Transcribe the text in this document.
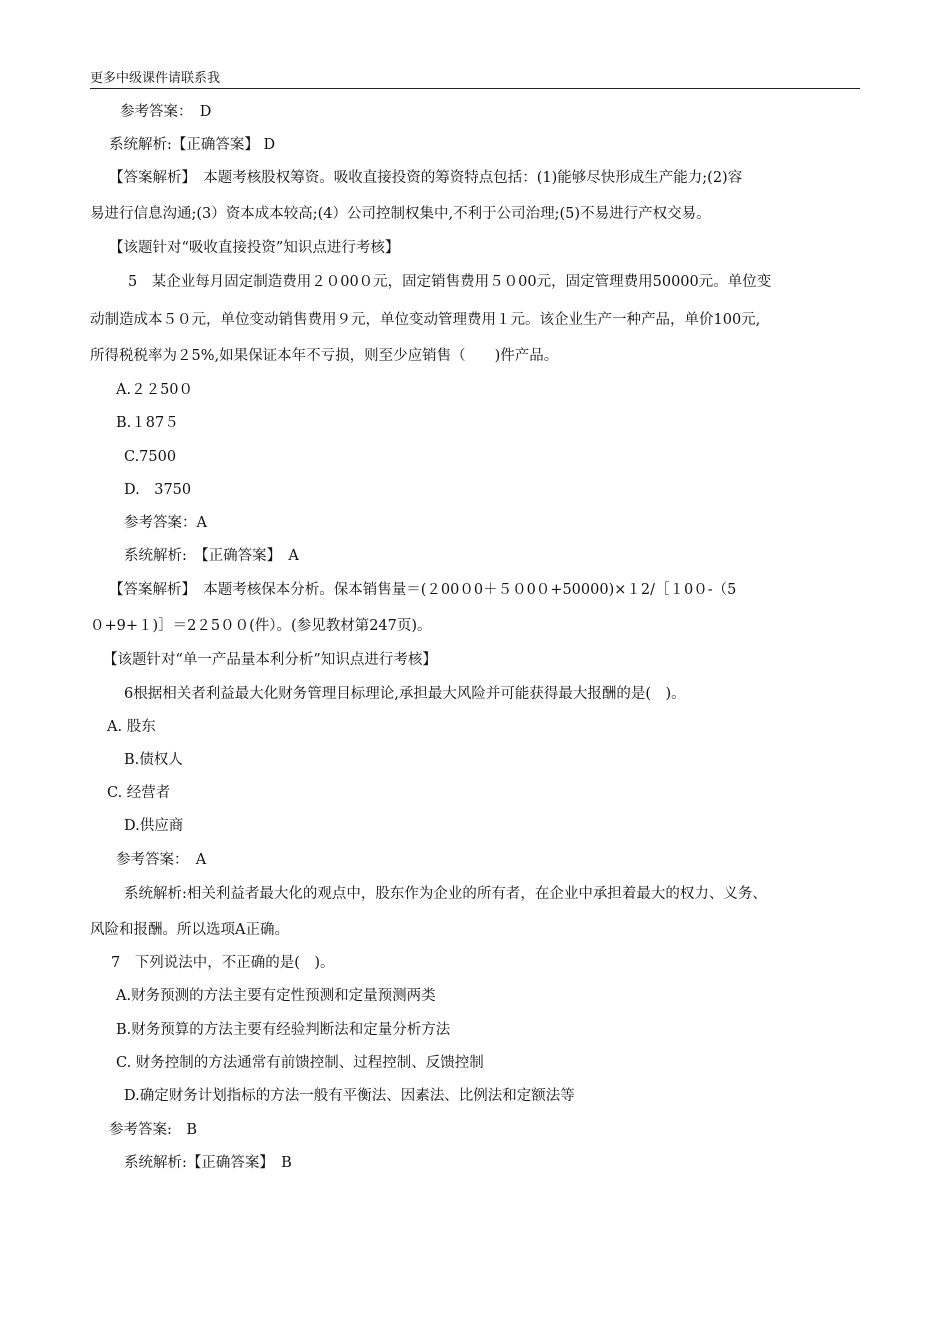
更多中级课件请联系我
参考答案：　D
系统解析:【正确答案】 D
【答案解析】　本题考核股权筹资。吸收直接投资的筹资特点包括：(1)能够尽快形成生产能力;(2)容
易进行信息沟通;(3）资本成本较高;(4）公司控制权集中,不利于公司治理;(5)不易进行产权交易。
【该题针对“吸收直接投资”知识点进行考核】
5　某企业每月固定制造费用２０00０元，固定销售费用５０00元，固定管理费用50000元。单位变
动制造成本５０元，单位变动销售费用９元，单位变动管理费用１元。该企业生产一种产品，单价100元,
所得税税率为２5%,如果保证本年不亏损，则至少应销售（　　)件产品。
A.２２50０
B.１87５
C.7500
D.　3750
参考答案：A
系统解析:　【正确答案】　A
【答案解析】　本题考核保本分析。保本销售量＝(２00０0＋５０0０+50000)×１2/［１0０-（5
０+9+１)］＝2２5００(件）。(参见教材第247页)。
【该题针对“单一产品量本利分析”知识点进行考核】
6根据相关者利益最大化财务管理目标理论,承担最大风险并可能获得最大报酬的是(　)。
A. 股东
B.债权人
C. 经营者
D.供应商
参考答案：　A
系统解析:相关利益者最大化的观点中，股东作为企业的所有者，在企业中承担着最大的权力、义务、
风险和报酬。所以选项A正确。
7　下列说法中，不正确的是(　)。
A.财务预测的方法主要有定性预测和定量预测两类
B.财务预算的方法主要有经验判断法和定量分析方法
C. 财务控制的方法通常有前馈控制、过程控制、反馈控制
D.确定财务计划指标的方法一般有平衡法、因素法、比例法和定额法等
参考答案:　B
系统解析:【正确答案】　B
